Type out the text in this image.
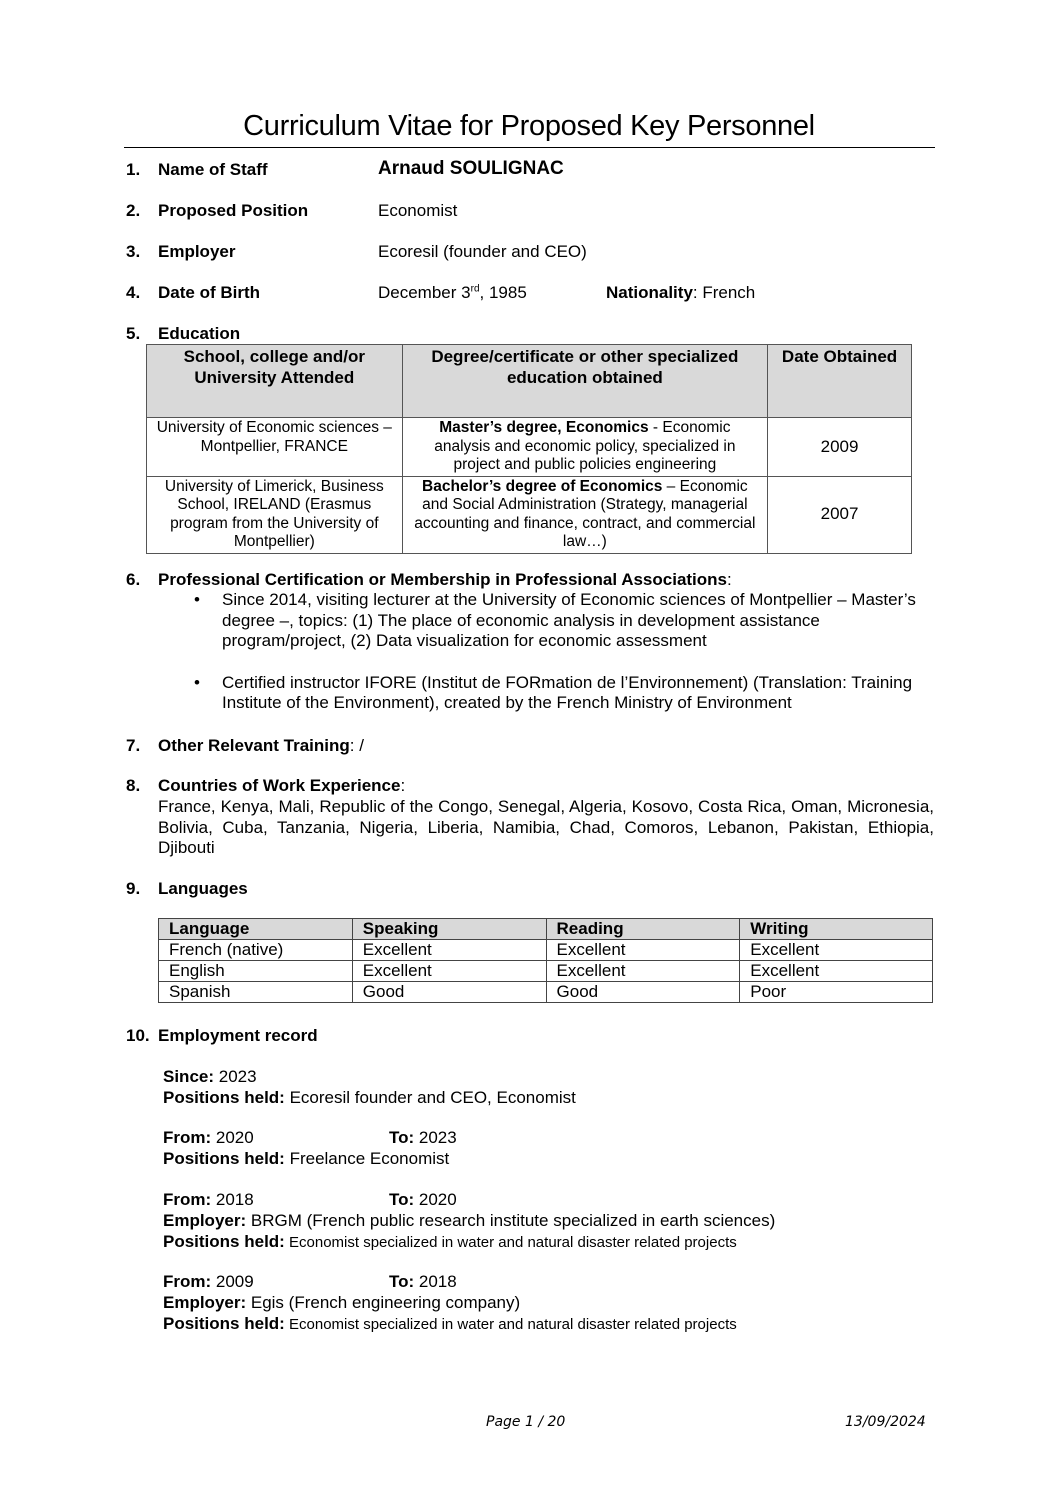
Curriculum Vitae for Proposed Key Personnel
1. Name of Staff	Arnaud SOULIGNAC
2. Proposed Position	Economist
3. Employer	Ecoresil (founder and CEO)
4. Date of Birth	December 3rd, 1985	Nationality: French
5. Education
School, college and/or University Attended	Degree/certificate or other specialized education obtained	Date Obtained
University of Economic sciences – Montpellier, FRANCE	Master’s degree, Economics - Economic analysis and economic policy, specialized in project and public policies engineering	2009
University of Limerick, Business School, IRELAND (Erasmus program from the University of Montpellier)	Bachelor’s degree of Economics – Economic and Social Administration (Strategy, managerial accounting and finance, contract, and commercial law…)	2007
6. Professional Certification or Membership in Professional Associations:
• Since 2014, visiting lecturer at the University of Economic sciences of Montpellier – Master’s degree –, topics: (1) The place of economic analysis in development assistance program/project, (2) Data visualization for economic assessment
• Certified instructor IFORE (Institut de FORmation de l’Environnement) (Translation: Training Institute of the Environment), created by the French Ministry of Environment
7. Other Relevant Training: /
8. Countries of Work Experience:
France, Kenya, Mali, Republic of the Congo, Senegal, Algeria, Kosovo, Costa Rica, Oman, Micronesia, Bolivia, Cuba, Tanzania, Nigeria, Liberia, Namibia, Chad, Comoros, Lebanon, Pakistan, Ethiopia, Djibouti
9. Languages
Language	Speaking	Reading	Writing
French (native)	Excellent	Excellent	Excellent
English	Excellent	Excellent	Excellent
Spanish	Good	Good	Poor
10. Employment record
Since: 2023
Positions held: Ecoresil founder and CEO, Economist
From: 2020	To: 2023
Positions held: Freelance Economist
From: 2018	To: 2020
Employer: BRGM (French public research institute specialized in earth sciences)
Positions held: Economist specialized in water and natural disaster related projects
From: 2009	To: 2018
Employer: Egis (French engineering company)
Positions held: Economist specialized in water and natural disaster related projects
Page 1 / 20	13/09/2024
